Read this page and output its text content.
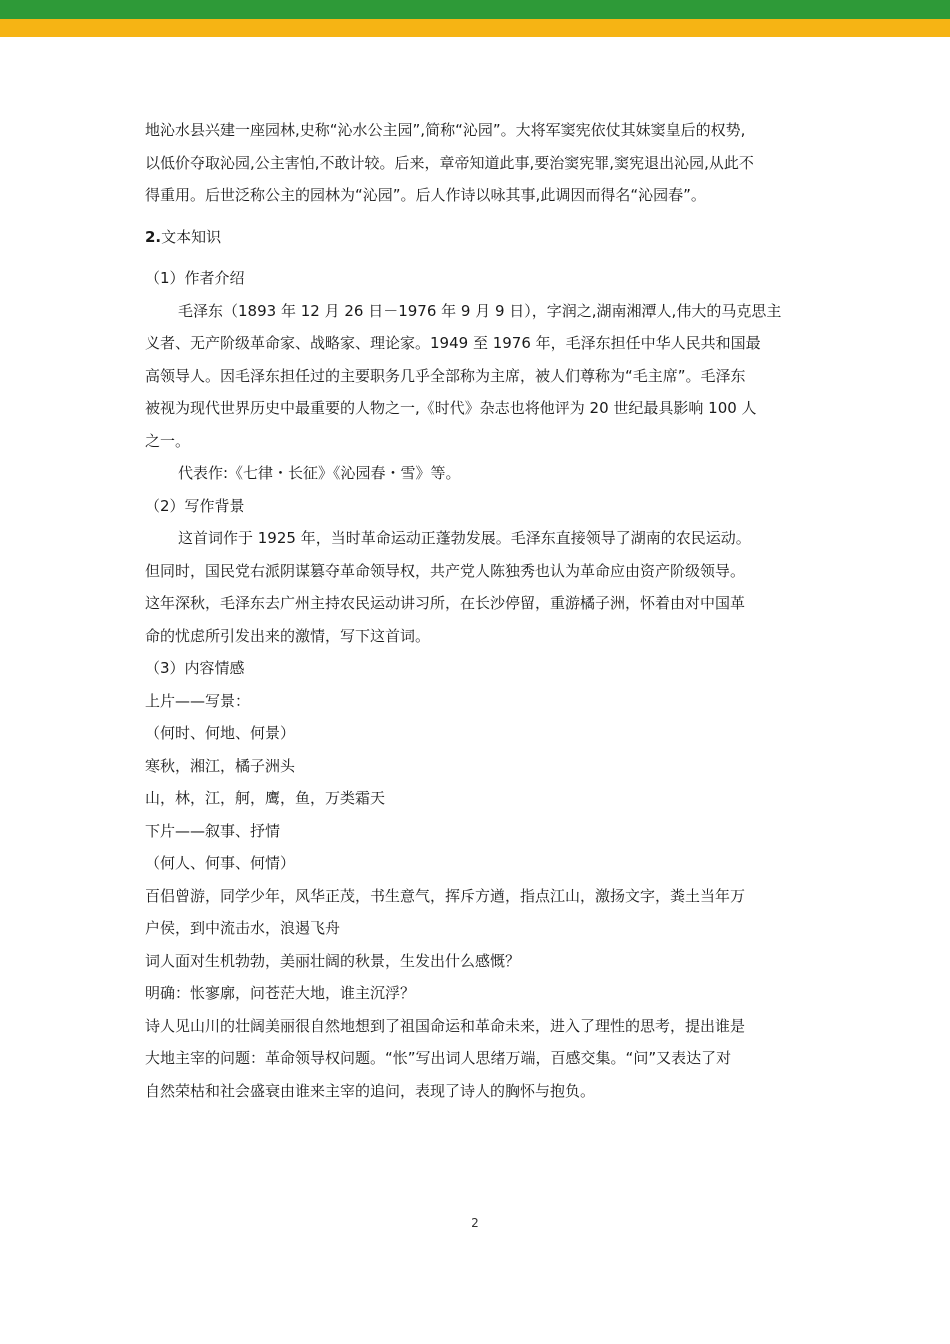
地沁水县兴建一座园林,史称“沁水公主园”,简称“沁园”。大将军窦宪依仗其妹窦皇后的权势,
以低价夺取沁园,公主害怕,不敢计较。后来，章帝知道此事,要治窦宪罪,窦宪退出沁园,从此不
得重用。后世泛称公主的园林为“沁园”。后人作诗以咏其事,此调因而得名“沁园春”。
2.文本知识
（1）作者介绍
毛泽东（1893 年 12 月 26 日－1976 年 9 月 9 日），字润之,湖南湘潭人,伟大的马克思主
义者、无产阶级革命家、战略家、理论家。1949 至 1976 年，毛泽东担任中华人民共和国最
高领导人。因毛泽东担任过的主要职务几乎全部称为主席，被人们尊称为“毛主席”。毛泽东
被视为现代世界历史中最重要的人物之一,《时代》杂志也将他评为 20 世纪最具影响 100 人
之一。
代表作:《七律・长征》《沁园春・雪》等。
（2）写作背景
这首词作于 1925 年，当时革命运动正蓬勃发展。毛泽东直接领导了湖南的农民运动。
但同时，国民党右派阴谋篡夺革命领导权，共产党人陈独秀也认为革命应由资产阶级领导。
这年深秋，毛泽东去广州主持农民运动讲习所，在长沙停留，重游橘子洲，怀着由对中国革
命的忧虑所引发出来的激情，写下这首词。
（3）内容情感
上片——写景：
（何时、何地、何景）
寒秋，湘江，橘子洲头
山，林，江，舸，鹰，鱼，万类霜天
下片——叙事、抒情
（何人、何事、何情）
百侣曾游，同学少年，风华正茂，书生意气，挥斥方遒，指点江山，激扬文字，粪土当年万
户侯，到中流击水，浪遏飞舟
词人面对生机勃勃，美丽壮阔的秋景，生发出什么感慨？
明确：怅寥廓，问苍茫大地，谁主沉浮？
诗人见山川的壮阔美丽很自然地想到了祖国命运和革命未来，进入了理性的思考，提出谁是
大地主宰的问题：革命领导权问题。“怅”写出词人思绪万端，百感交集。“问”又表达了对
自然荣枯和社会盛衰由谁来主宰的追问，表现了诗人的胸怀与抱负。
2
